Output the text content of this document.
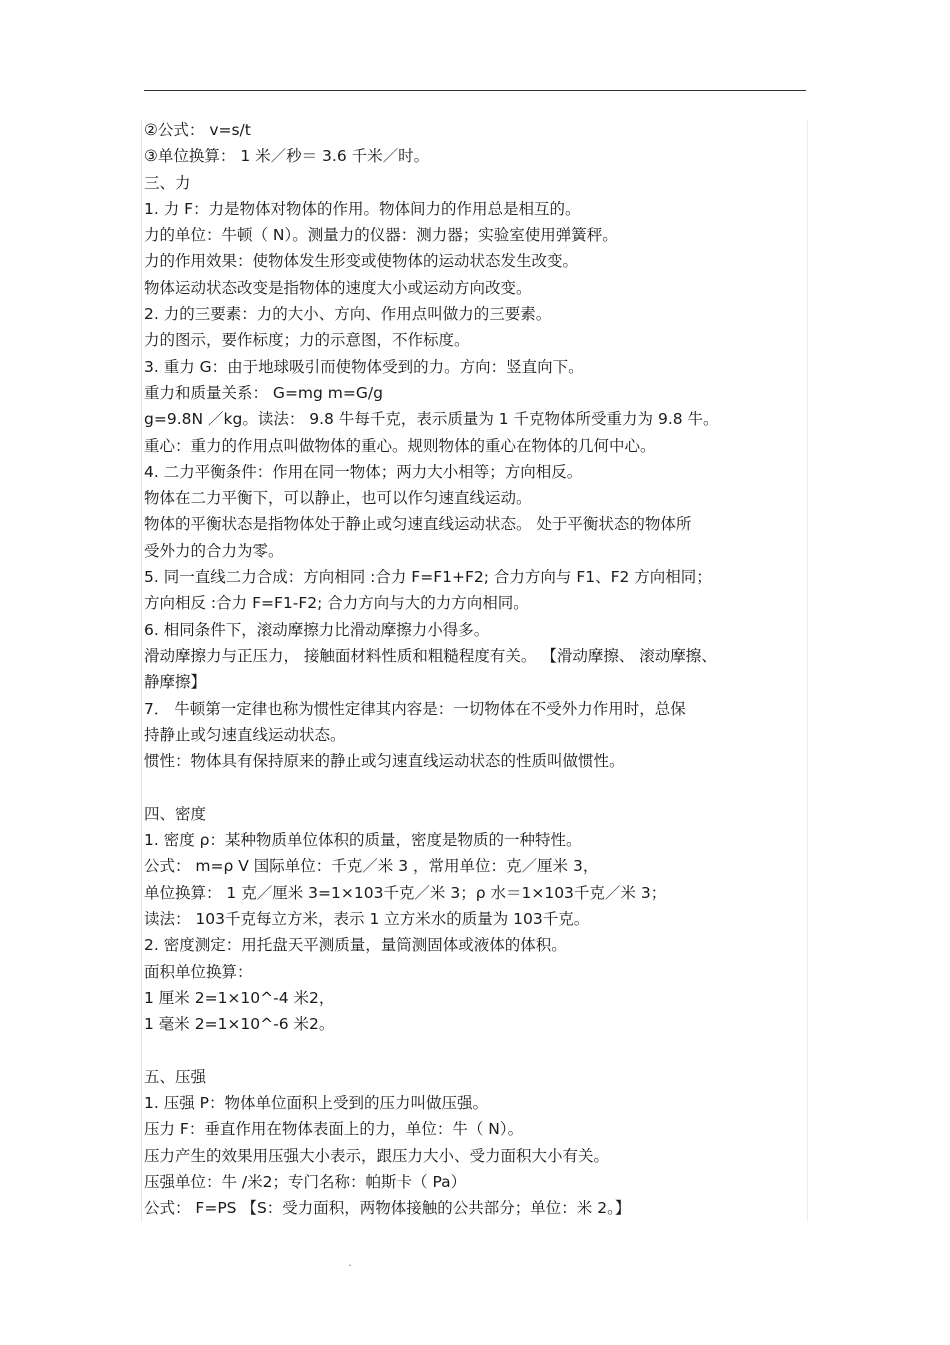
②公式： v=s/t
③单位换算： 1 米／秒＝ 3.6 千米／时。
三、力
1. 力 F：力是物体对物体的作用。物体间力的作用总是相互的。
力的单位：牛顿（ N）。测量力的仪器：测力器；实验室使用弹簧秤。
力的作用效果：使物体发生形变或使物体的运动状态发生改变。
物体运动状态改变是指物体的速度大小或运动方向改变。
2. 力的三要素：力的大小、方向、作用点叫做力的三要素。
力的图示，要作标度；力的示意图，不作标度。
3. 重力 G：由于地球吸引而使物体受到的力。方向：竖直向下。
重力和质量关系： G=mg m=G/g
g=9.8N ／kg。读法： 9.8 牛每千克，表示质量为 1 千克物体所受重力为 9.8 牛。
重心：重力的作用点叫做物体的重心。规则物体的重心在物体的几何中心。
4. 二力平衡条件：作用在同一物体；两力大小相等；方向相反。
物体在二力平衡下，可以静止，也可以作匀速直线运动。
物体的平衡状态是指物体处于静止或匀速直线运动状态。 处于平衡状态的物体所
受外力的合力为零。
5. 同一直线二力合成：方向相同 :合力 F=F1+F2; 合力方向与 F1、F2 方向相同；
方向相反 :合力 F=F1-F2; 合力方向与大的力方向相同。
6. 相同条件下，滚动摩擦力比滑动摩擦力小得多。
滑动摩擦力与正压力， 接触面材料性质和粗糙程度有关。 【滑动摩擦、 滚动摩擦、
静摩擦】
7． 牛顿第一定律也称为惯性定律其内容是：一切物体在不受外力作用时，总保
持静止或匀速直线运动状态。
惯性：物体具有保持原来的静止或匀速直线运动状态的性质叫做惯性。
四、密度
1. 密度 ρ：某种物质单位体积的质量，密度是物质的一种特性。
公式： m=ρ V 国际单位：千克／米 3 ，常用单位：克／厘米 3，
单位换算： 1 克／厘米 3=1×103千克／米 3；ρ 水＝1×103千克／米 3；
读法： 103千克每立方米，表示 1 立方米水的质量为 103千克。
2. 密度测定：用托盘天平测质量，量筒测固体或液体的体积。
面积单位换算：
1 厘米 2=1×10^-4 米2，
1 毫米 2=1×10^-6 米2。
五、压强
1. 压强 P：物体单位面积上受到的压力叫做压强。
压力 F：垂直作用在物体表面上的力，单位：牛（ N）。
压力产生的效果用压强大小表示，跟压力大小、受力面积大小有关。
压强单位：牛 /米2；专门名称：帕斯卡（ Pa）
公式： F=PS 【S：受力面积，两物体接触的公共部分；单位：米 2。】
.
